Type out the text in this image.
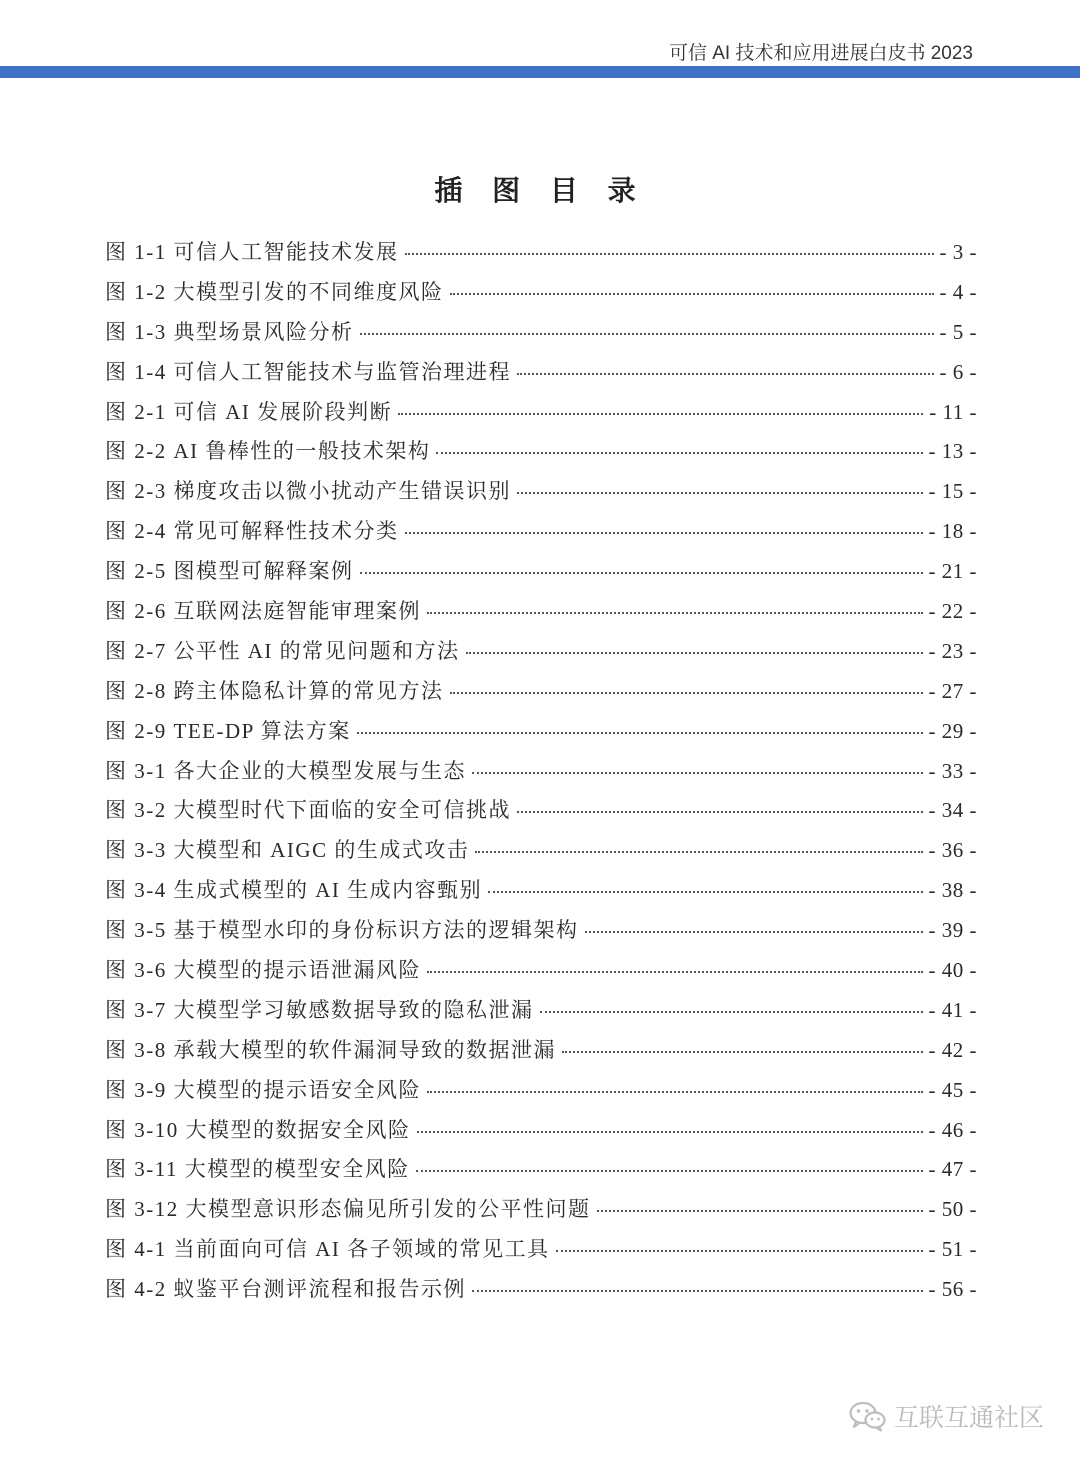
可信 AI 技术和应用进展白皮书 2023
插 图 目 录
图 1-1 可信人工智能技术发展	- 3 -
图 1-2 大模型引发的不同维度风险	- 4 -
图 1-3 典型场景风险分析	- 5 -
图 1-4 可信人工智能技术与监管治理进程	- 6 -
图 2-1 可信 AI 发展阶段判断	- 11 -
图 2-2 AI 鲁棒性的一般技术架构	- 13 -
图 2-3 梯度攻击以微小扰动产生错误识别	- 15 -
图 2-4 常见可解释性技术分类	- 18 -
图 2-5 图模型可解释案例	- 21 -
图 2-6 互联网法庭智能审理案例	- 22 -
图 2-7 公平性 AI 的常见问题和方法	- 23 -
图 2-8 跨主体隐私计算的常见方法	- 27 -
图 2-9 TEE-DP 算法方案	- 29 -
图 3-1 各大企业的大模型发展与生态	- 33 -
图 3-2 大模型时代下面临的安全可信挑战	- 34 -
图 3-3 大模型和 AIGC 的生成式攻击	- 36 -
图 3-4 生成式模型的 AI 生成内容甄别	- 38 -
图 3-5 基于模型水印的身份标识方法的逻辑架构	- 39 -
图 3-6 大模型的提示语泄漏风险	- 40 -
图 3-7 大模型学习敏感数据导致的隐私泄漏	- 41 -
图 3-8 承载大模型的软件漏洞导致的数据泄漏	- 42 -
图 3-9 大模型的提示语安全风险	- 45 -
图 3-10 大模型的数据安全风险	- 46 -
图 3-11 大模型的模型安全风险	- 47 -
图 3-12 大模型意识形态偏见所引发的公平性问题	- 50 -
图 4-1 当前面向可信 AI 各子领域的常见工具	- 51 -
图 4-2 蚁鉴平台测评流程和报告示例	- 56 -
互联互通社区
